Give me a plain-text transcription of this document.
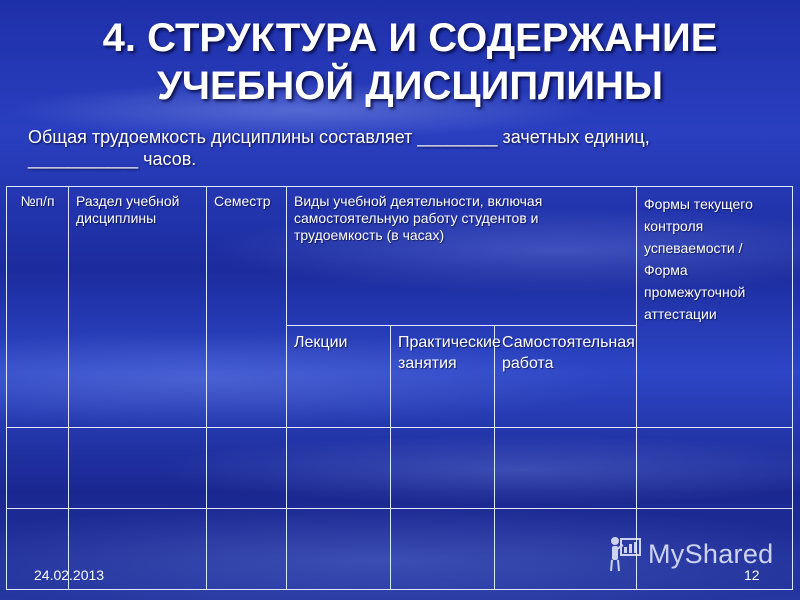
4. СТРУКТУРА И СОДЕРЖАНИЕ
УЧЕБНОЙ ДИСЦИПЛИНЫ
Общая трудоемкость дисциплины составляет ________ зачетных единиц,
___________ часов.
№п/п	Раздел учебной дисциплины	Семестр	Виды учебной деятельности, включая самостоятельную работу студентов и трудоемкость (в часах)			Формы текущего контроля успеваемости /Форма промежуточной аттестации
			Лекции	Практические занятия	Самостоятельная работа	

24.02.2013	12
MyShared
